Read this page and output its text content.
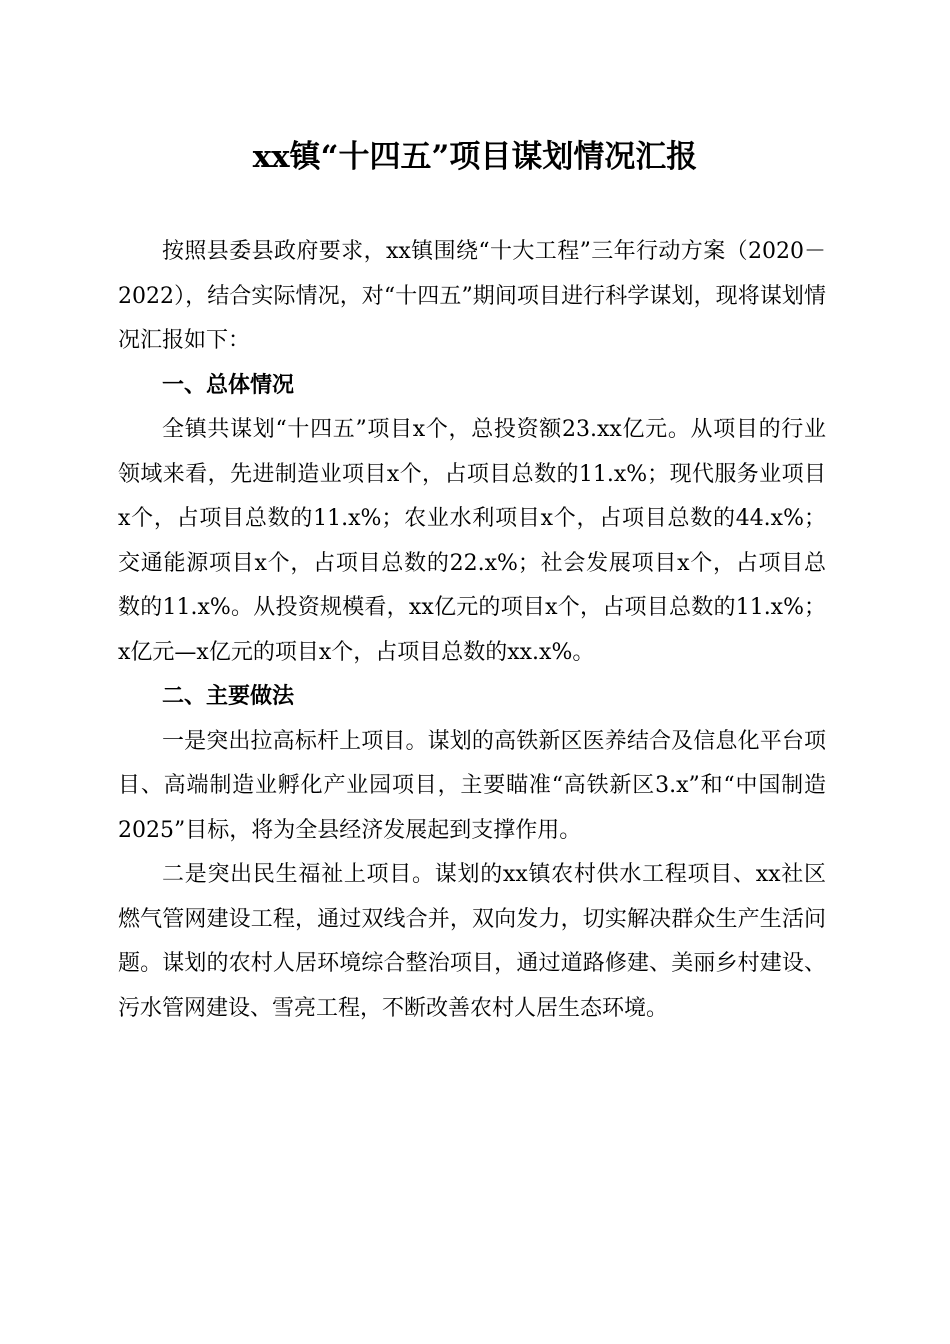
xx镇“十四五”项目谋划情况汇报

按照县委县政府要求，xx镇围绕“十大工程”三年行动方案（2020－2022），结合实际情况，对“十四五”期间项目进行科学谋划，现将谋划情况汇报如下：

一、总体情况

全镇共谋划“十四五”项目x个，总投资额23.xx亿元。从项目的行业领域来看，先进制造业项目x个，占项目总数的11.x%；现代服务业项目x个，占项目总数的11.x%；农业水利项目x个，占项目总数的44.x%；交通能源项目x个，占项目总数的22.x%；社会发展项目x个，占项目总数的11.x%。从投资规模看，xx亿元的项目x个，占项目总数的11.x%；x亿元—x亿元的项目x个，占项目总数的xx.x%。

二、主要做法

一是突出拉高标杆上项目。谋划的高铁新区医养结合及信息化平台项目、高端制造业孵化产业园项目，主要瞄准“高铁新区3.x”和“中国制造2025”目标，将为全县经济发展起到支撑作用。

二是突出民生福祉上项目。谋划的xx镇农村供水工程项目、xx社区燃气管网建设工程，通过双线合并，双向发力，切实解决群众生产生活问题。谋划的农村人居环境综合整治项目，通过道路修建、美丽乡村建设、污水管网建设、雪亮工程，不断改善农村人居生态环境。
